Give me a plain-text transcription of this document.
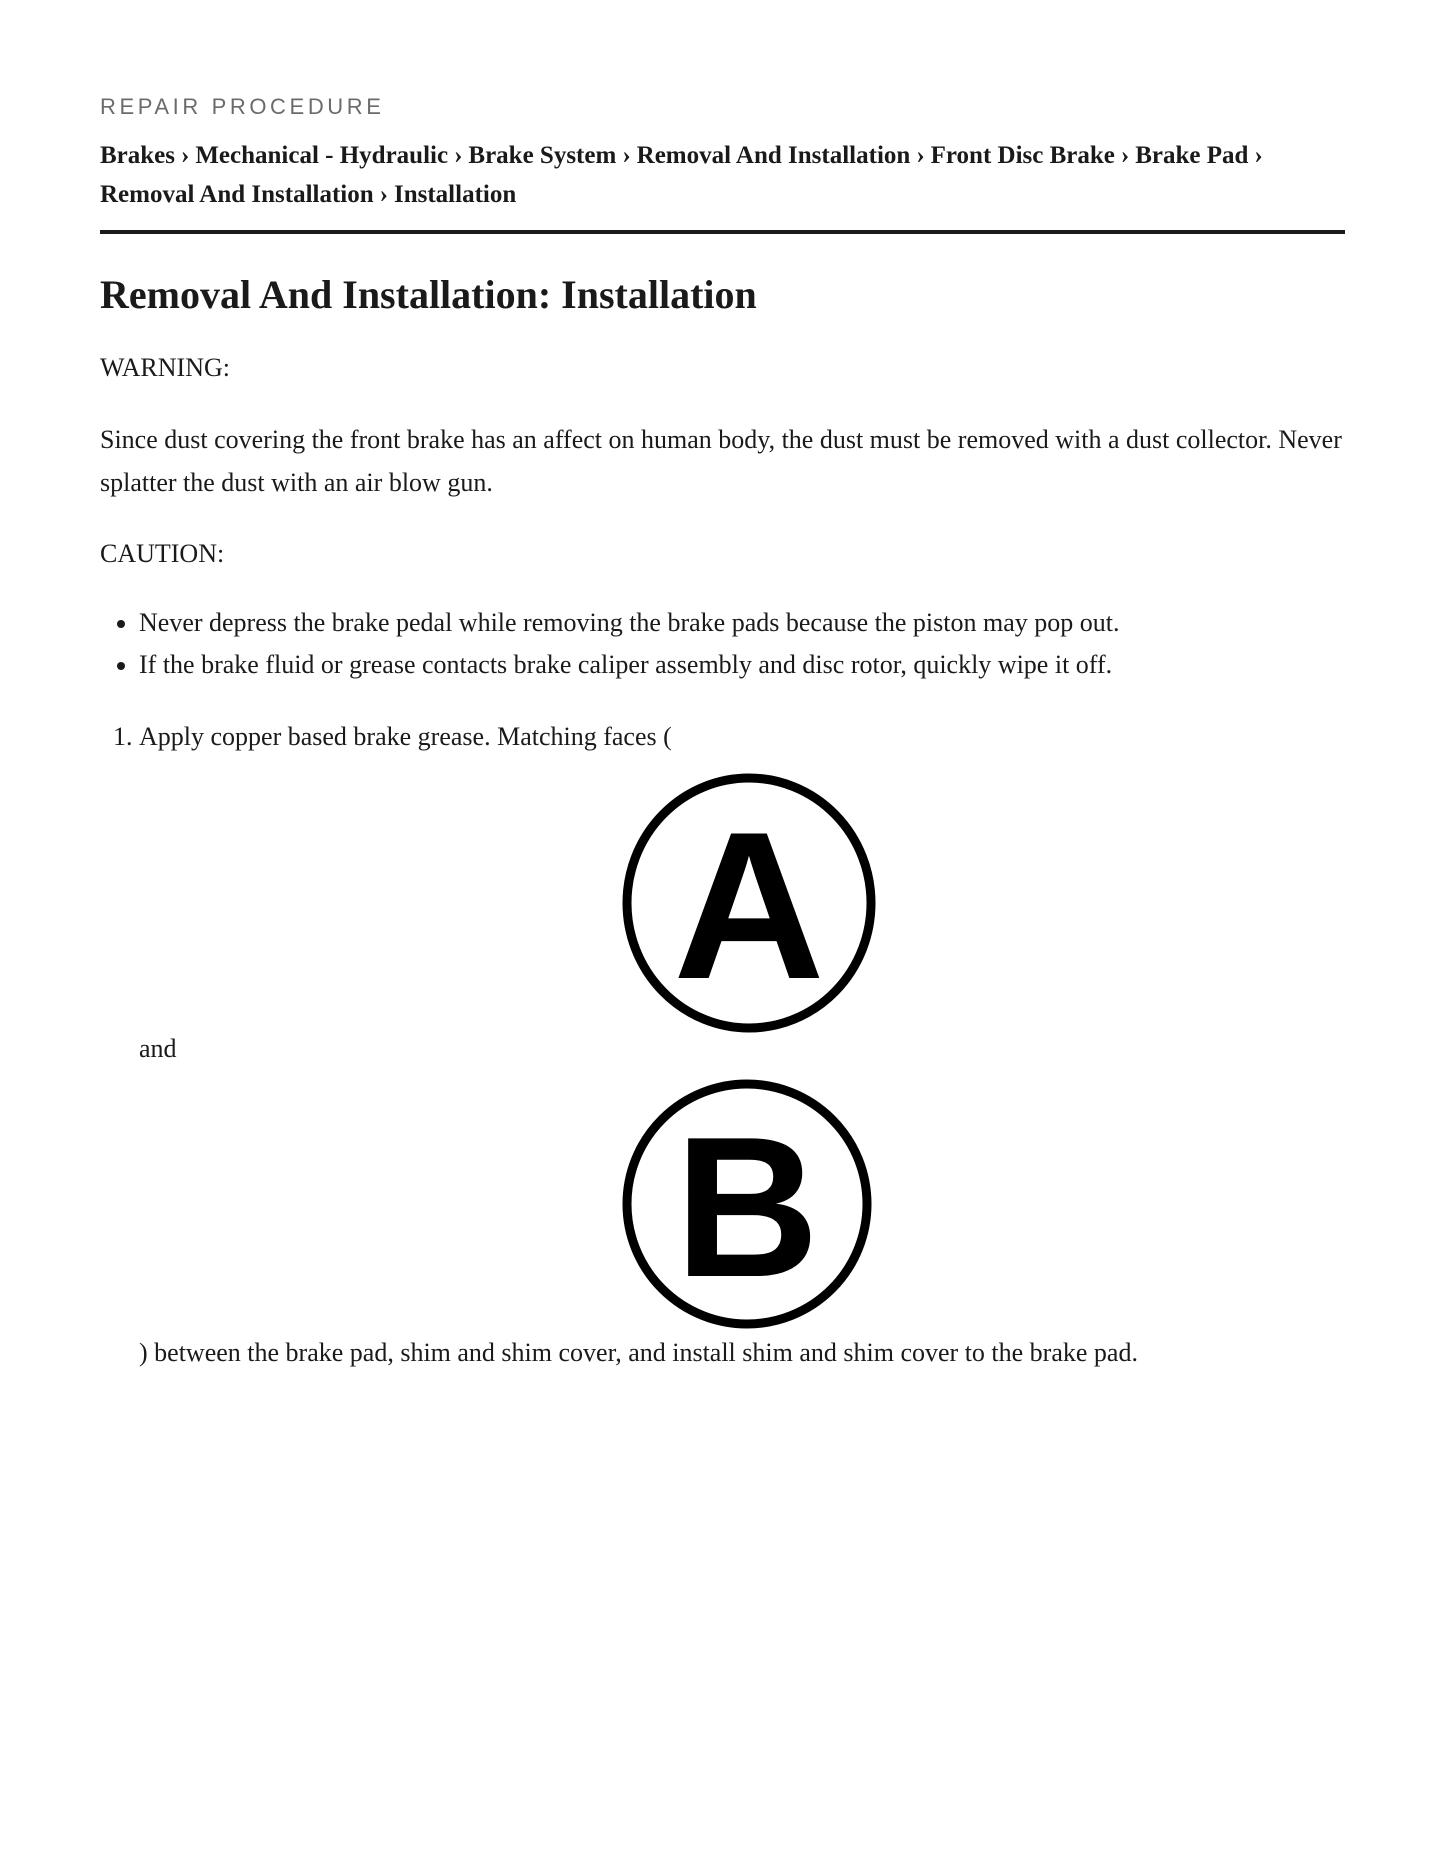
REPAIR PROCEDURE

Brakes › Mechanical - Hydraulic › Brake System › Removal And Installation › Front Disc Brake › Brake Pad ›
Removal And Installation › Installation
Removal And Installation: Installation

WARNING:

Since dust covering the front brake has an affect on human body, the dust must be removed with a dust collector. Never splatter the dust with an air blow gun.

CAUTION:

• Never depress the brake pedal while removing the brake pads because the piston may pop out.
• If the brake fluid or grease contacts brake caliper assembly and disc rotor, quickly wipe it off.
1. Apply copper based brake grease. Matching faces (
A
and
B
) between the brake pad, shim and shim cover, and install shim and shim cover to the brake pad.
